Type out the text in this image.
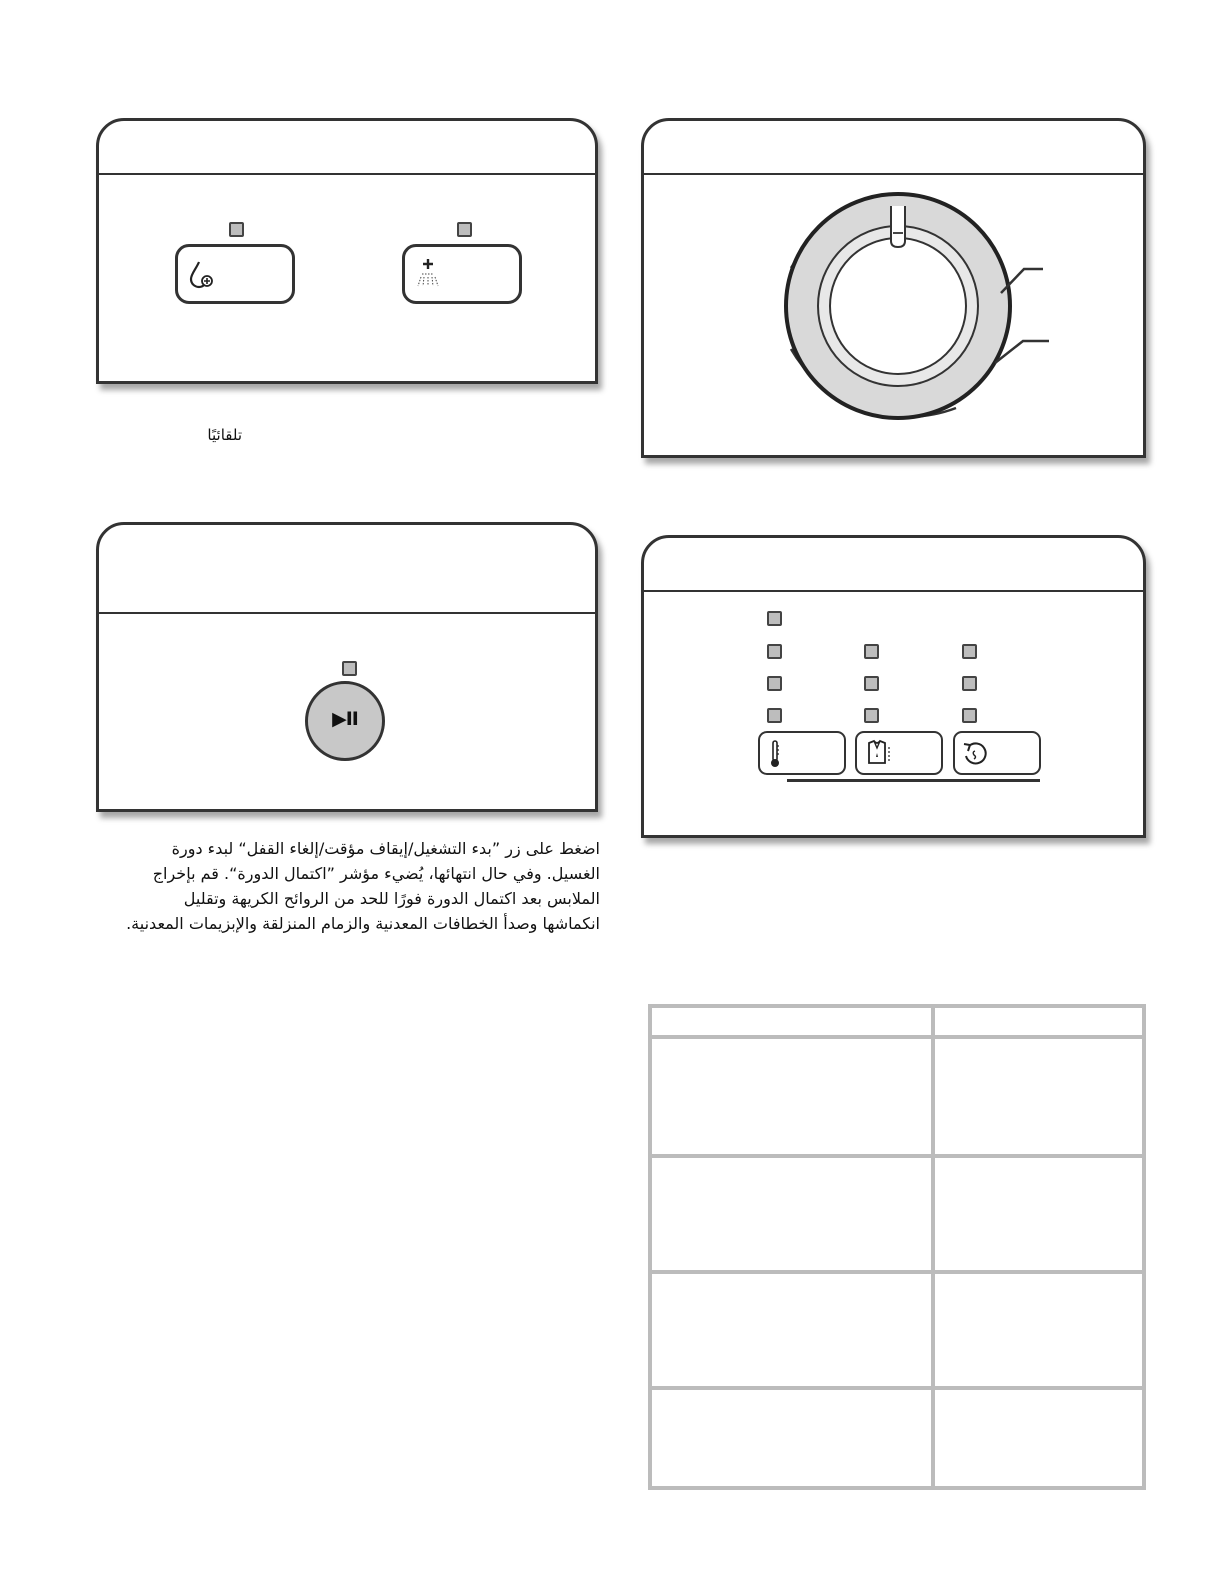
تلقائيًا
▶II
اضغط على زر ”بدء التشغيل/إيقاف مؤقت/إلغاء القفل“ لبدء دورة
الغسيل. وفي حال انتهائها، يُضيء مؤشر ”اكتمال الدورة“. قم بإخراج
الملابس بعد اكتمال الدورة فورًا للحد من الروائح الكريهة وتقليل
انكماشها وصدأ الخطافات المعدنية والزمام المنزلقة والإبزيمات المعدنية.
